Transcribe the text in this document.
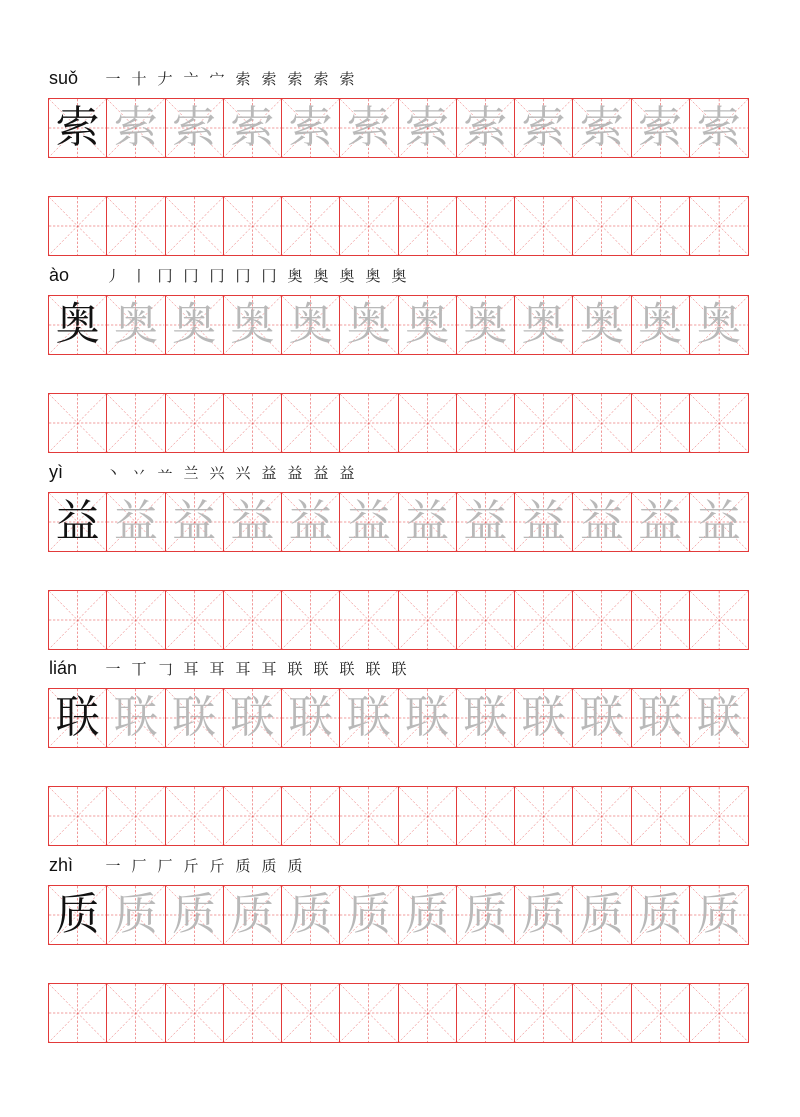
suǒ	一 十 𠂇 亠 宀 索 索 索 索 索
索 索 索 索 索 索 索 索 索 索 索 索
ào	丿 丨 冂 冂 冂 冂 冂 奥 奥 奥 奥 奥
奥 奥 奥 奥 奥 奥 奥 奥 奥 奥 奥 奥
yì	丶 丷 䒑 兰 兴 兴 益 益 益 益
益 益 益 益 益 益 益 益 益 益 益 益
lián	一 丅 𠃌 耳 耳 耳 耳 联 联 联 联 联
联 联 联 联 联 联 联 联 联 联 联 联
zhì	一 厂 厂 斤 斤 质 质 质
质 质 质 质 质 质 质 质 质 质 质 质
